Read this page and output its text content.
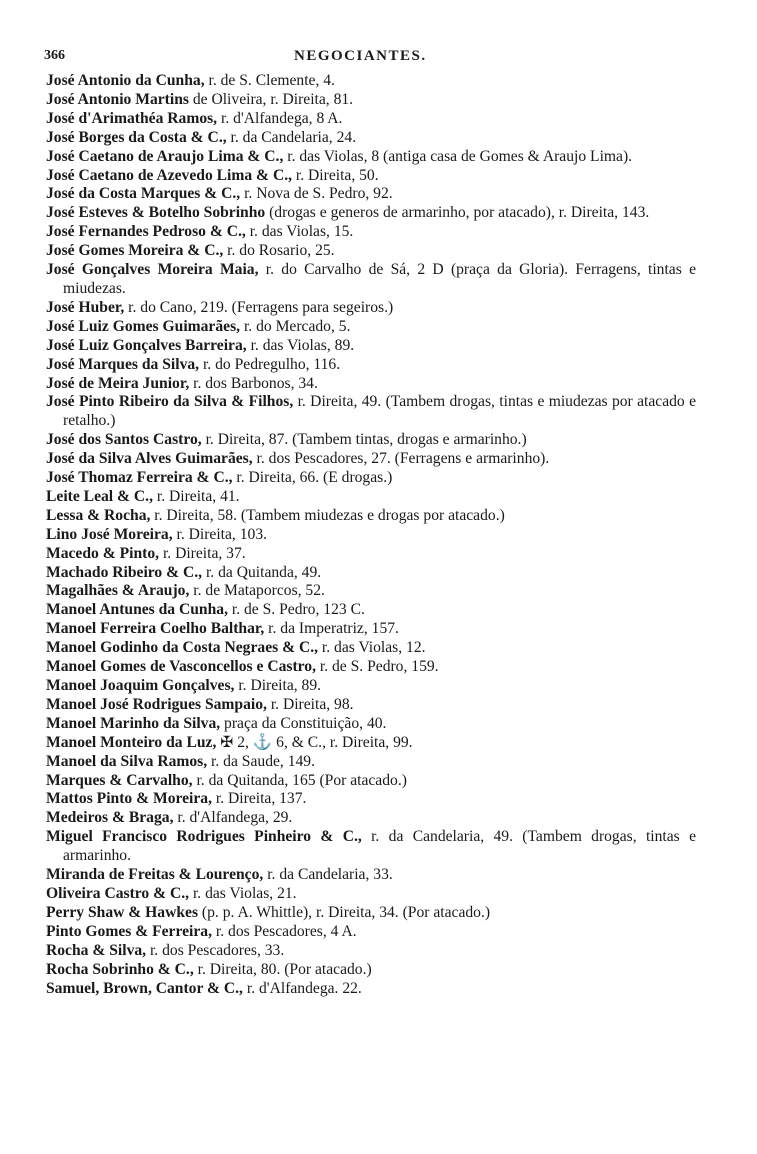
366	NEGOCIANTES.
José Antonio da Cunha, r. de S. Clemente, 4.
José Antonio Martins de Oliveira, r. Direita, 81.
José d'Arimathéa Ramos, r. d'Alfandega, 8 A.
José Borges da Costa & C., r. da Candelaria, 24.
José Caetano de Araujo Lima & C., r. das Violas, 8 (antiga casa de Gomes & Araujo Lima).
José Caetano de Azevedo Lima & C., r. Direita, 50.
José da Costa Marques & C., r. Nova de S. Pedro, 92.
José Esteves & Botelho Sobrinho (drogas e generos de armarinho, por atacado), r. Direita, 143.
José Fernandes Pedroso & C., r. das Violas, 15.
José Gomes Moreira & C., r. do Rosario, 25.
José Gonçalves Moreira Maia, r. do Carvalho de Sá, 2 D (praça da Gloria). Ferragens, tintas e miudezas.
José Huber, r. do Cano, 219. (Ferragens para segeiros.)
José Luiz Gomes Guimarães, r. do Mercado, 5.
José Luiz Gonçalves Barreira, r. das Violas, 89.
José Marques da Silva, r. do Pedregulho, 116.
José de Meira Junior, r. dos Barbonos, 34.
José Pinto Ribeiro da Silva & Filhos, r. Direita, 49. (Tambem drogas, tintas e miudezas por atacado e retalho.)
José dos Santos Castro, r. Direita, 87. (Tambem tintas, drogas e armarinho.)
José da Silva Alves Guimarães, r. dos Pescadores, 27. (Ferragens e armarinho).
José Thomaz Ferreira & C., r. Direita, 66. (E drogas.)
Leite Leal & C., r. Direita, 41.
Lessa & Rocha, r. Direita, 58. (Tambem miudezas e drogas por atacado.)
Lino José Moreira, r. Direita, 103.
Macedo & Pinto, r. Direita, 37.
Machado Ribeiro & C., r. da Quitanda, 49.
Magalhães & Araujo, r. de Mataporcos, 52.
Manoel Antunes da Cunha, r. de S. Pedro, 123 C.
Manoel Ferreira Coelho Balthar, r. da Imperatriz, 157.
Manoel Godinho da Costa Negraes & C., r. das Violas, 12.
Manoel Gomes de Vasconcellos e Castro, r. de S. Pedro, 159.
Manoel Joaquim Gonçalves, r. Direita, 89.
Manoel José Rodrigues Sampaio, r. Direita, 98.
Manoel Marinho da Silva, praça da Constituição, 40.
Manoel Monteiro da Luz, ✠ 2, ⚓ 6, & C., r. Direita, 99.
Manoel da Silva Ramos, r. da Saude, 149.
Marques & Carvalho, r. da Quitanda, 165 (Por atacado.)
Mattos Pinto & Moreira, r. Direita, 137.
Medeiros & Braga, r. d'Alfandega, 29.
Miguel Francisco Rodrigues Pinheiro & C., r. da Candelaria, 49. (Tambem drogas, tintas e armarinho.
Miranda de Freitas & Lourenço, r. da Candelaria, 33.
Oliveira Castro & C., r. das Violas, 21.
Perry Shaw & Hawkes (p. p. A. Whittle), r. Direita, 34. (Por atacado.)
Pinto Gomes & Ferreira, r. dos Pescadores, 4 A.
Rocha & Silva, r. dos Pescadores, 33.
Rocha Sobrinho & C., r. Direita, 80. (Por atacado.)
Samuel, Brown, Cantor & C., r. d'Alfandega. 22.
